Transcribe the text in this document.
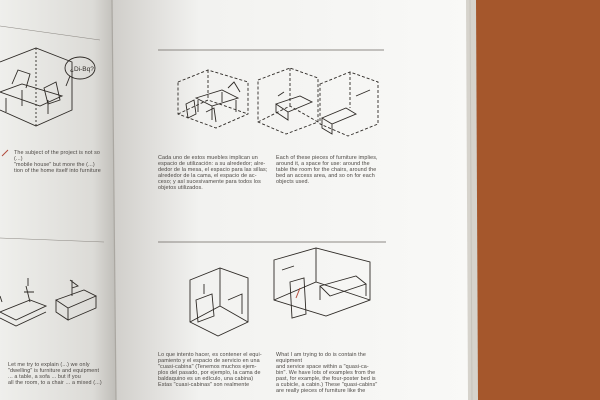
¿Di-Bq?
The subject of the project is not so (...)
"mobile house" but more the (...)
tion of the home itself into furniture
Let me try to explain (...) we only
"dwelling" is furniture and equipment
... a table, a sofa ... but if you
all the room, to a chair ... a mixed (...)
Cada uno de estos muebles implican un
espacio de utilización: a su alrededor; alre-
dedor de la mesa, el espacio para las sillas;
alrededor de la cama, el espacio de ac-
ceso; y así sucesivamente para todos los
objetos utilizados.
Each of these pieces of furniture implies,
around it, a space for use: around the
table the room for the chairs, around the
bed an access area, and so on for each
objects used.
Lo que intento hacer, es contener el equi-
pamiento y el espacio de servicio en una
"cuasi-cabina" (Tenemos muchos ejem-
plos del pasado, por ejemplo, la cama de
baldaquino es un edículo, una cabina)
Estas "cuasi-cabinas" son realmente
What I am trying to do is contain the equipment
and service space within a "quasi-ca-
bin". We have lots of examples from the
past, for example, the four-poster bed is
a cubicle, a cabin.) These "quasi-cabins"
are really pieces of furniture like the
